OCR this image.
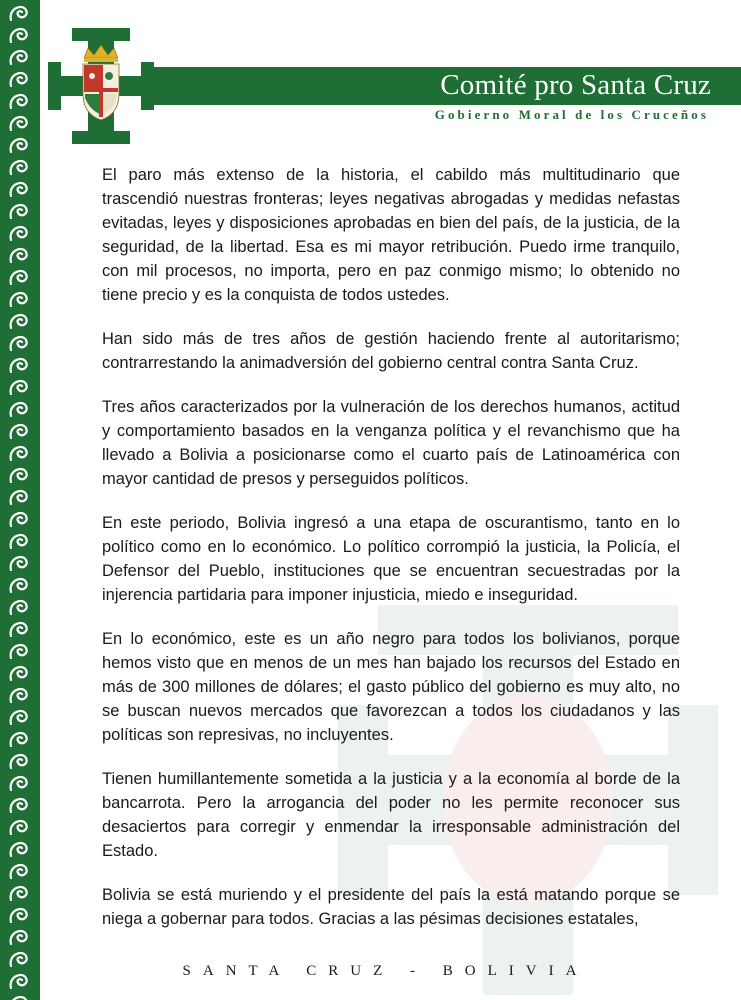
Comité pro Santa Cruz
Gobierno Moral de los Cruceños

El paro más extenso de la historia, el cabildo más multitudinario que trascendió nuestras fronteras; leyes negativas abrogadas y medidas nefastas evitadas, leyes y disposiciones aprobadas en bien del país, de la justicia, de la seguridad, de la libertad. Esa es mi mayor retribución. Puedo irme tranquilo, con mil procesos, no importa, pero en paz conmigo mismo; lo obtenido no tiene precio y es la conquista de todos ustedes.

Han sido más de tres años de gestión haciendo frente al autoritarismo; contrarrestando la animadversión del gobierno central contra Santa Cruz.

Tres años caracterizados por la vulneración de los derechos humanos, actitud y comportamiento basados en la venganza política y el revanchismo que ha llevado a Bolivia a posicionarse como el cuarto país de Latinoamérica con mayor cantidad de presos y perseguidos políticos.

En este periodo, Bolivia ingresó a una etapa de oscurantismo, tanto en lo político como en lo económico. Lo político corrompió la justicia, la Policía, el Defensor del Pueblo, instituciones que se encuentran secuestradas por la injerencia partidaria para imponer injusticia, miedo e inseguridad.

En lo económico, este es un año negro para todos los bolivianos, porque hemos visto que en menos de un mes han bajado los recursos del Estado en más de 300 millones de dólares; el gasto público del gobierno es muy alto, no se buscan nuevos mercados que favorezcan a todos los ciudadanos y las políticas son represivas, no incluyentes.

Tienen humillantemente sometida a la justicia y a la economía al borde de la bancarrota. Pero la arrogancia del poder no les permite reconocer sus desaciertos para corregir y enmendar la irresponsable administración del Estado.

Bolivia se está muriendo y el presidente del país la está matando porque se niega a gobernar para todos. Gracias a las pésimas decisiones estatales,

SANTA CRUZ - BOLIVIA
